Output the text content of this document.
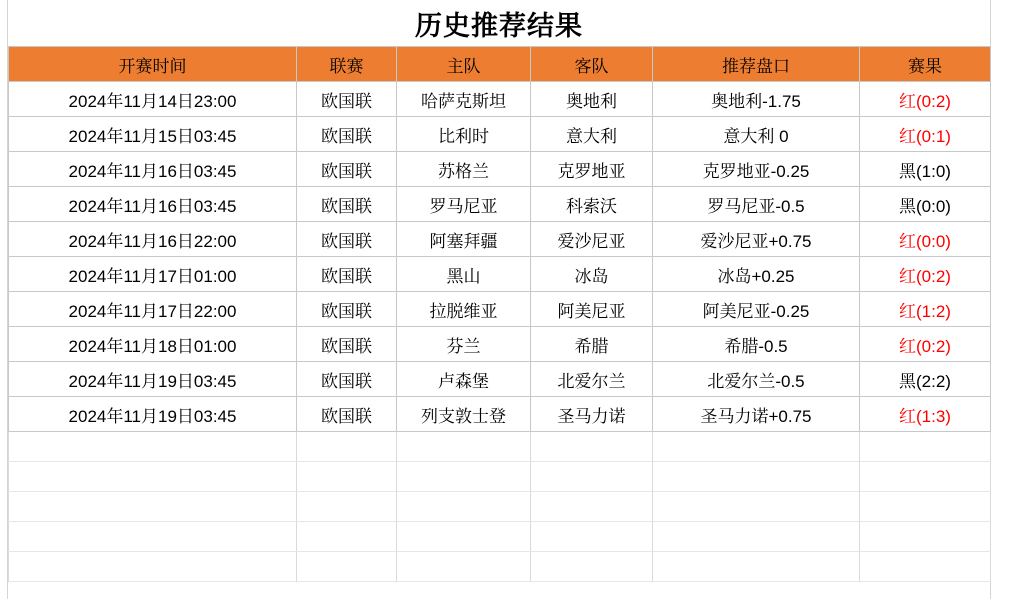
历史推荐结果
开赛时间	联赛	主队	客队	推荐盘口	赛果
2024年11月14日23:00	欧国联	哈萨克斯坦	奥地利	奥地利-1.75	红(0:2)
2024年11月15日03:45	欧国联	比利时	意大利	意大利 0	红(0:1)
2024年11月16日03:45	欧国联	苏格兰	克罗地亚	克罗地亚-0.25	黑(1:0)
2024年11月16日03:45	欧国联	罗马尼亚	科索沃	罗马尼亚-0.5	黑(0:0)
2024年11月16日22:00	欧国联	阿塞拜疆	爱沙尼亚	爱沙尼亚+0.75	红(0:0)
2024年11月17日01:00	欧国联	黑山	冰岛	冰岛+0.25	红(0:2)
2024年11月17日22:00	欧国联	拉脱维亚	阿美尼亚	阿美尼亚-0.25	红(1:2)
2024年11月18日01:00	欧国联	芬兰	希腊	希腊-0.5	红(0:2)
2024年11月19日03:45	欧国联	卢森堡	北爱尔兰	北爱尔兰-0.5	黑(2:2)
2024年11月19日03:45	欧国联	列支敦士登	圣马力诺	圣马力诺+0.75	红(1:3)
